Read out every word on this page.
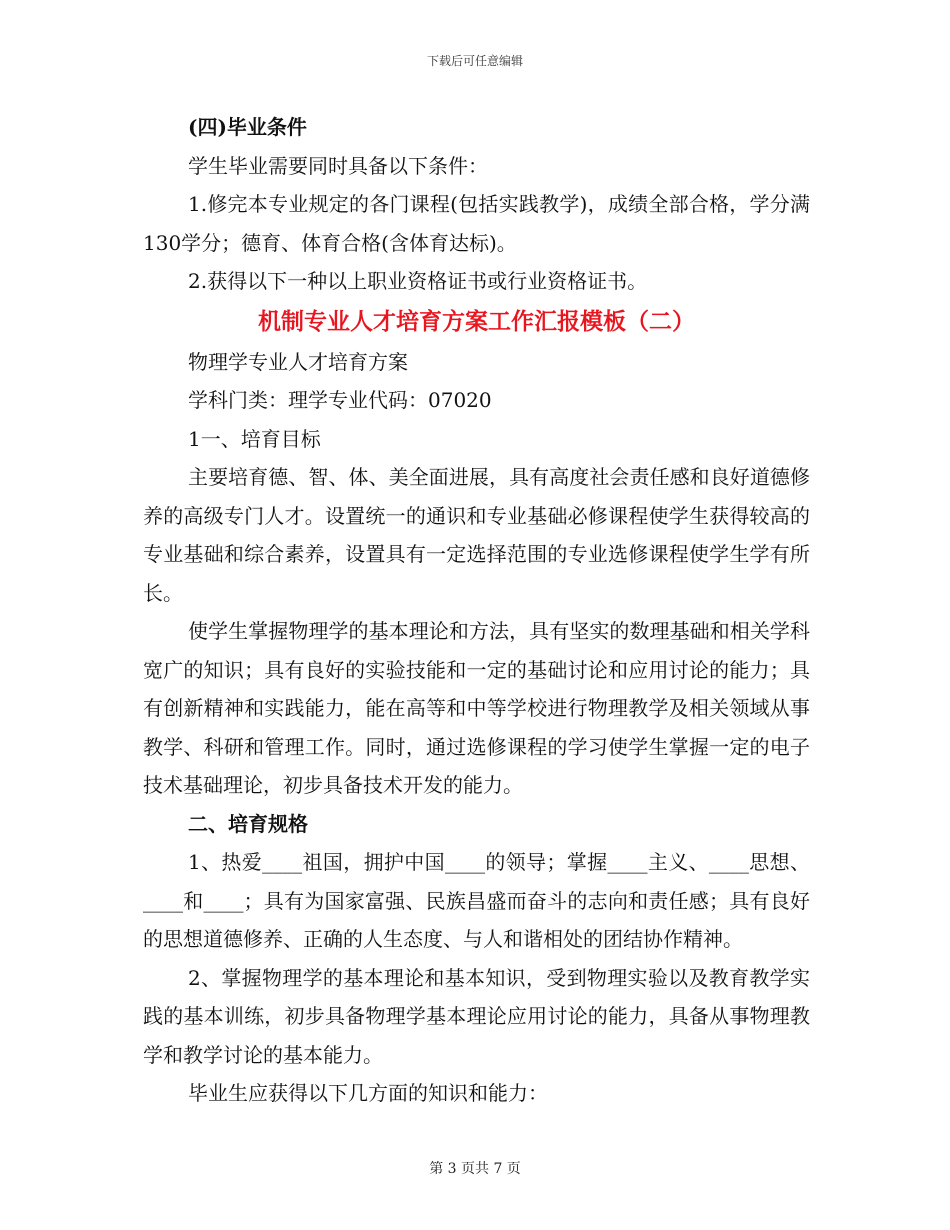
下载后可任意编辑

(四)毕业条件

学生毕业需要同时具备以下条件：

1.修完本专业规定的各门课程(包括实践教学)，成绩全部合格，学分满130学分；德育、体育合格(含体育达标)。

2.获得以下一种以上职业资格证书或行业资格证书。

机制专业人才培育方案工作汇报模板（二）

物理学专业人才培育方案

学科门类：理学专业代码：07020

1一、培育目标

主要培育德、智、体、美全面进展，具有高度社会责任感和良好道德修养的高级专门人才。设置统一的通识和专业基础必修课程使学生获得较高的专业基础和综合素养，设置具有一定选择范围的专业选修课程使学生学有所长。

使学生掌握物理学的基本理论和方法，具有坚实的数理基础和相关学科宽广的知识；具有良好的实验技能和一定的基础讨论和应用讨论的能力；具有创新精神和实践能力，能在高等和中等学校进行物理教学及相关领域从事教学、科研和管理工作。同时，通过选修课程的学习使学生掌握一定的电子技术基础理论，初步具备技术开发的能力。

二、培育规格

1、热爱____祖国，拥护中国____的领导；掌握____主义、____思想、____和____；具有为国家富强、民族昌盛而奋斗的志向和责任感；具有良好的思想道德修养、正确的人生态度、与人和谐相处的团结协作精神。

2、掌握物理学的基本理论和基本知识，受到物理实验以及教育教学实践的基本训练，初步具备物理学基本理论应用讨论的能力，具备从事物理教学和教学讨论的基本能力。

毕业生应获得以下几方面的知识和能力：

第 3 页共 7 页
